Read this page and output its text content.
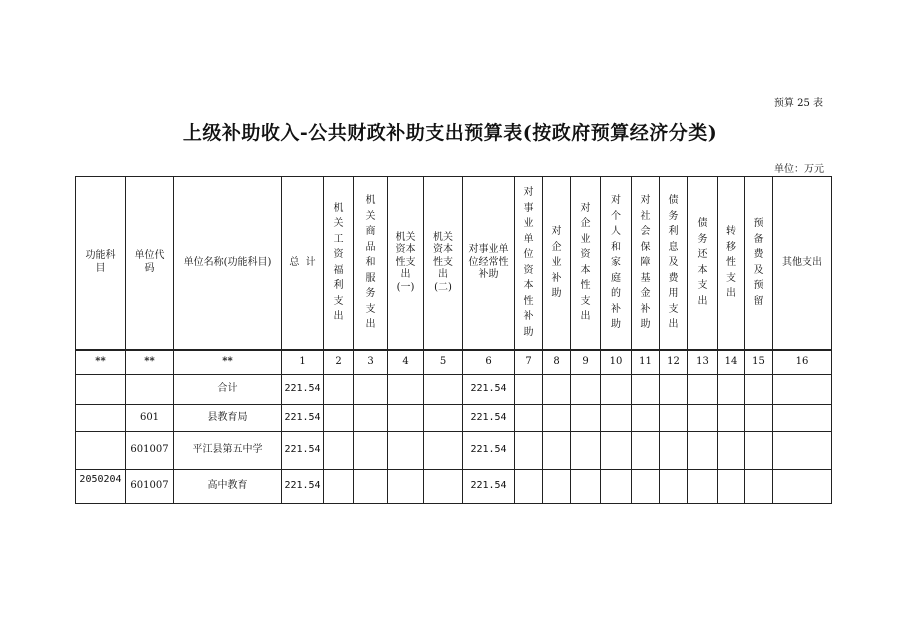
预算 25 表
上级补助收入-公共财政补助支出预算表(按政府预算经济分类)
单位：万元
功能科目	单位代码	单位名称(功能科目)	总  计	机关工资福利支出	机关商品和服务支出	机关资本性支出(一)	机关资本性支出(二)	对事业单位经常性补助	对事业单位资本性补助	对企业补助	对企业资本性支出	对个人和家庭的补助	对社会保障基金补助	债务利息及费用支出	债务还本支出	转移性支出	预备费及预留	其他支出
**	**	**	1	2	3	4	5	6	7	8	9	10	11	12	13	14	15	16
		合计	221.54					221.54										
	601	县教育局	221.54					221.54										
	601007	平江县第五中学	221.54					221.54										
2050204	601007	高中教育	221.54					221.54										
